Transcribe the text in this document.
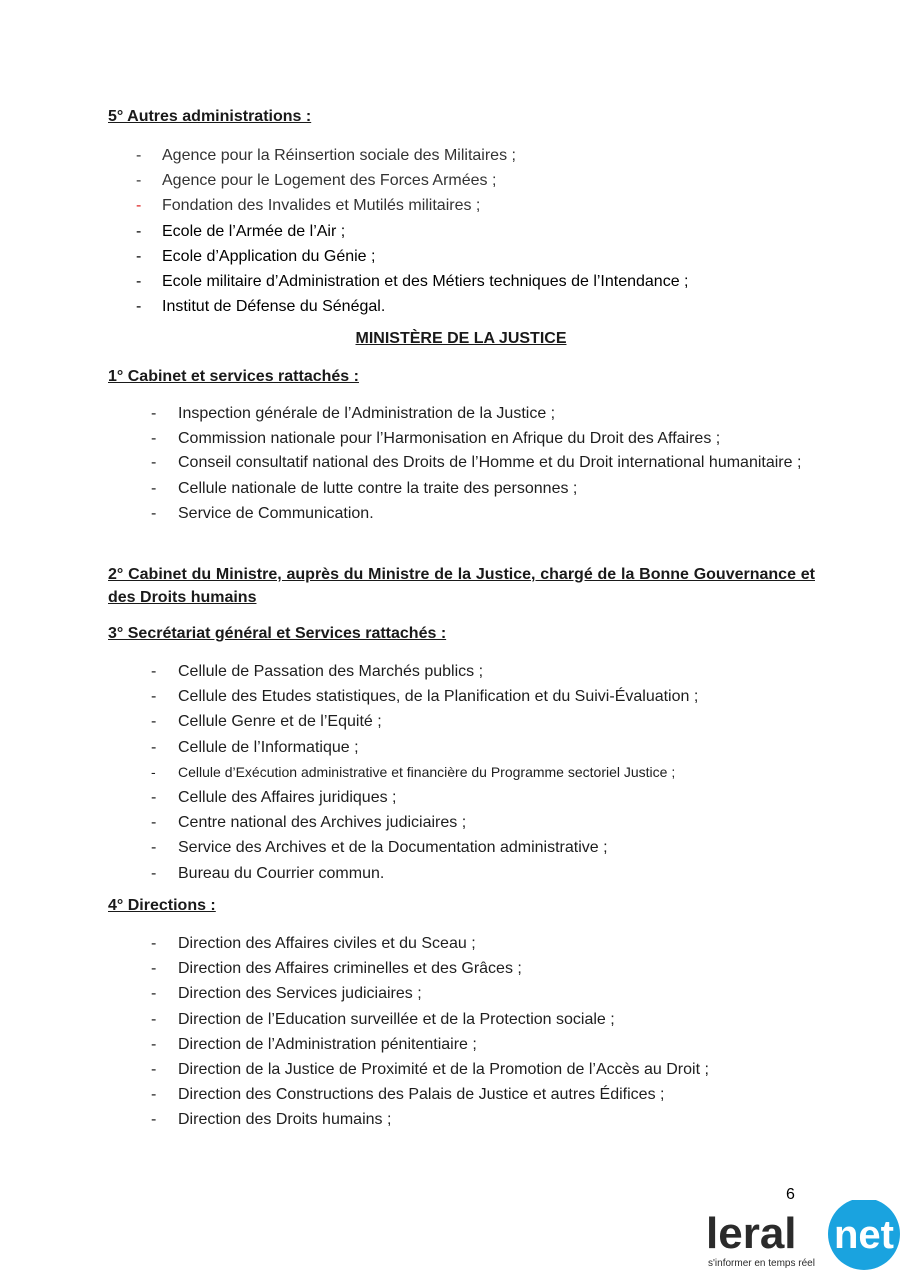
5° Autres administrations :
- Agence pour la Réinsertion sociale des Militaires ;
- Agence pour le Logement des Forces Armées ;
- Fondation des Invalides et Mutilés militaires ;
- Ecole de l’Armée de l’Air ;
- Ecole d’Application du Génie ;
- Ecole militaire d’Administration et des Métiers techniques de l’Intendance ;
- Institut de Défense du Sénégal.
MINISTÈRE DE LA JUSTICE
1° Cabinet et services rattachés :
- Inspection générale de l’Administration de la Justice ;
- Commission nationale pour l’Harmonisation en Afrique du Droit des Affaires ;
- Conseil consultatif national des Droits de l’Homme et du Droit international humanitaire ;
- Cellule nationale de lutte contre la traite des personnes ;
- Service de Communication.
2° Cabinet du Ministre, auprès du Ministre de la Justice, chargé de la Bonne Gouvernance et des Droits humains
3° Secrétariat général et Services rattachés :
- Cellule de Passation des Marchés publics ;
- Cellule des Etudes statistiques, de la Planification et du Suivi-Évaluation ;
- Cellule Genre et de l’Equité ;
- Cellule de l’Informatique ;
- Cellule d’Exécution administrative et financière du Programme sectoriel Justice ;
- Cellule des Affaires juridiques ;
- Centre national des Archives judiciaires ;
- Service des Archives et de la Documentation administrative ;
- Bureau du Courrier commun.
4° Directions :
- Direction des Affaires civiles et du Sceau ;
- Direction des Affaires criminelles et des Grâces ;
- Direction des Services judiciaires ;
- Direction de l’Education surveillée et de la Protection sociale ;
- Direction de l’Administration pénitentiaire ;
- Direction de la Justice de Proximité et de la Promotion de l’Accès au Droit ;
- Direction des Constructions des Palais de Justice et autres Édifices ;
- Direction des Droits humains ;
6
leral net
s'informer en temps réel
